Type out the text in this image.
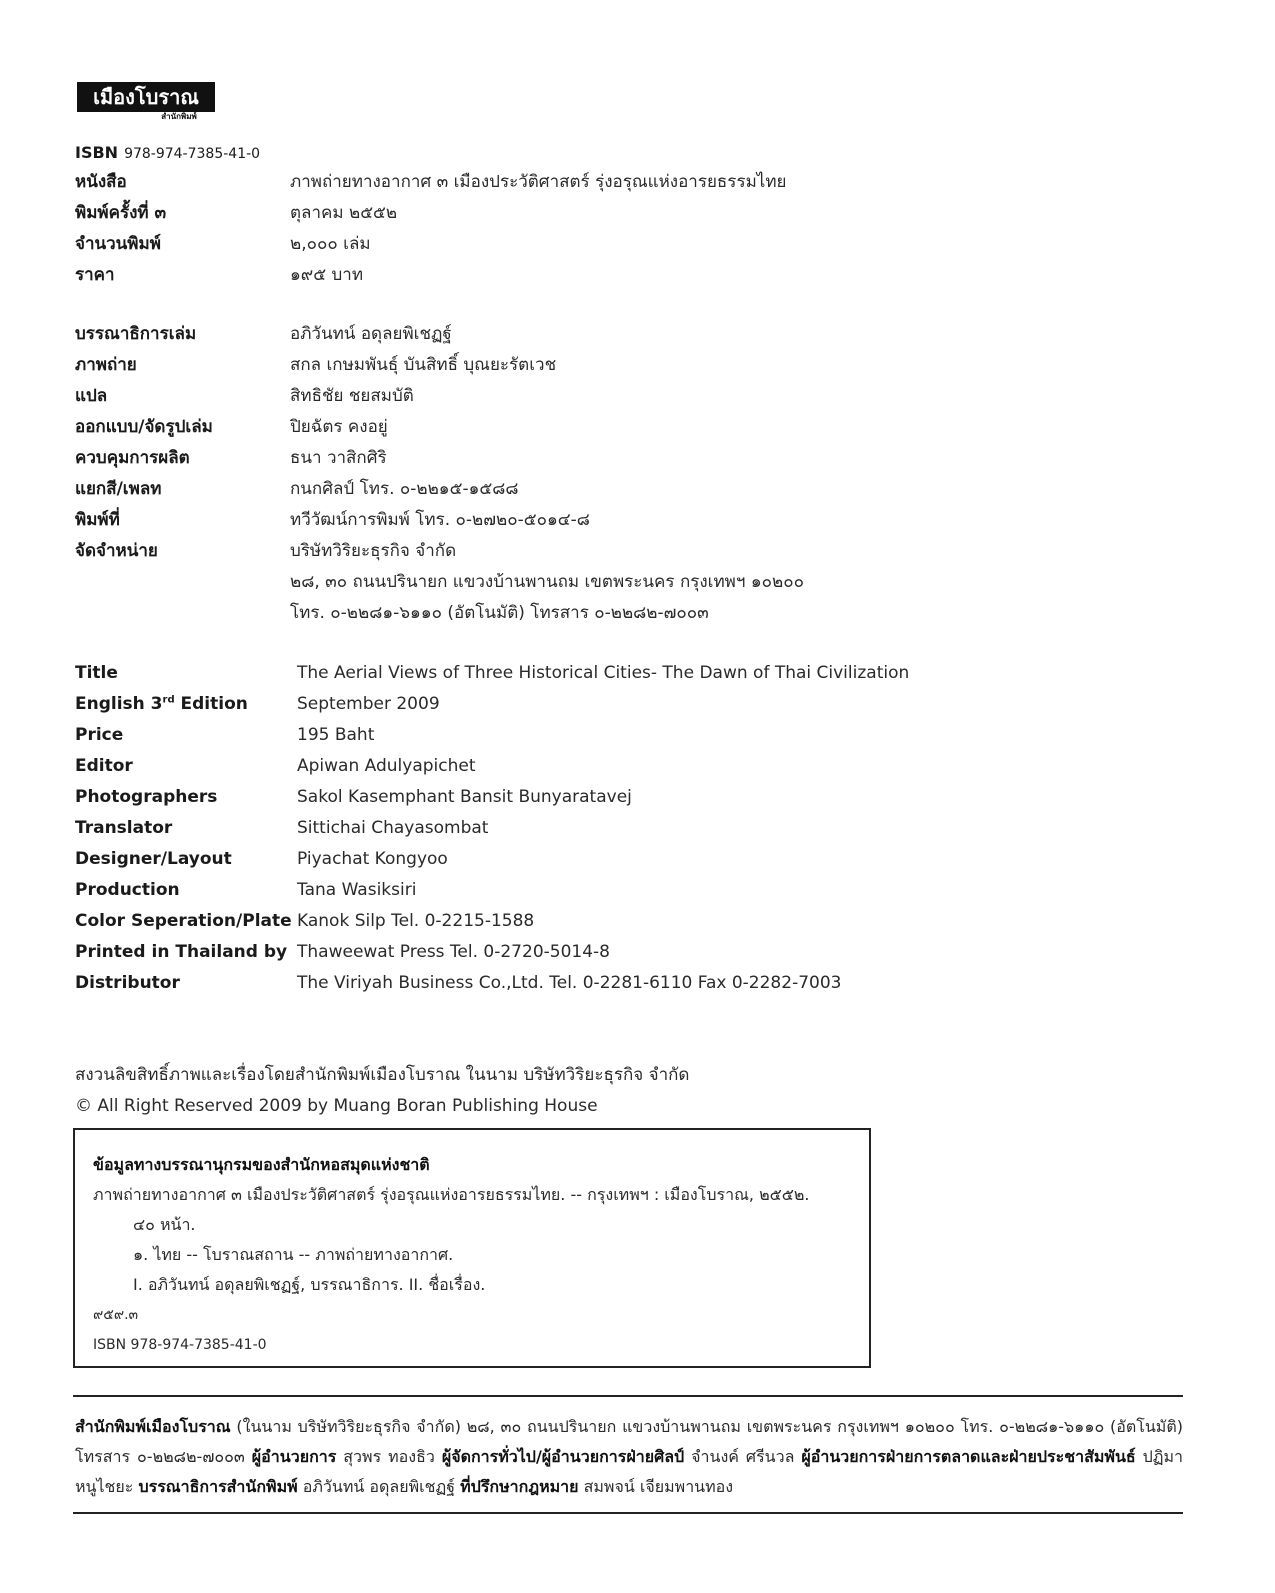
เมืองโบราณ
สำนักพิมพ์
ISBN 978-974-7385-41-0
หนังสือ	ภาพถ่ายทางอากาศ ๓ เมืองประวัติศาสตร์ รุ่งอรุณแห่งอารยธรรมไทย
พิมพ์ครั้งที่ ๓	ตุลาคม ๒๕๕๒
จำนวนพิมพ์	๒,๐๐๐ เล่ม
ราคา	๑๙๕ บาท
บรรณาธิการเล่ม	อภิวันทน์ อดุลยพิเชฏฐ์
ภาพถ่าย	สกล เกษมพันธุ์ บันสิทธิ์ บุณยะรัตเวช
แปล	สิทธิชัย ชยสมบัติ
ออกแบบ/จัดรูปเล่ม	ปิยฉัตร คงอยู่
ควบคุมการผลิต	ธนา วาสิกศิริ
แยกสี/เพลท	กนกศิลป์ โทร. ๐-๒๒๑๕-๑๕๘๘
พิมพ์ที่	ทวีวัฒน์การพิมพ์ โทร. ๐-๒๗๒๐-๕๐๑๔-๘
จัดจำหน่าย	บริษัทวิริยะธุรกิจ จำกัด
๒๘, ๓๐ ถนนปรินายก แขวงบ้านพานถม เขตพระนคร กรุงเทพฯ ๑๐๒๐๐
โทร. ๐-๒๒๘๑-๖๑๑๐ (อัตโนมัติ) โทรสาร ๐-๒๒๘๒-๗๐๐๓
Title	The Aerial Views of Three Historical Cities- The Dawn of Thai Civilization
English 3rd Edition	September 2009
Price	195 Baht
Editor	Apiwan Adulyapichet
Photographers	Sakol Kasemphant Bansit Bunyaratavej
Translator	Sittichai Chayasombat
Designer/Layout	Piyachat Kongyoo
Production	Tana Wasiksiri
Color Seperation/Plate Kanok Silp Tel. 0-2215-1588
Printed in Thailand by Thaweewat Press Tel. 0-2720-5014-8
Distributor	The Viriyah Business Co.,Ltd. Tel. 0-2281-6110 Fax 0-2282-7003
สงวนลิขสิทธิ์ภาพและเรื่องโดยสำนักพิมพ์เมืองโบราณ ในนาม บริษัทวิริยะธุรกิจ จำกัด
© All Right Reserved 2009 by Muang Boran Publishing House
ข้อมูลทางบรรณานุกรมของสำนักหอสมุดแห่งชาติ
ภาพถ่ายทางอากาศ ๓ เมืองประวัติศาสตร์ รุ่งอรุณแห่งอารยธรรมไทย. -- กรุงเทพฯ : เมืองโบราณ, ๒๕๕๒.
๔๐ หน้า.
๑. ไทย -- โบราณสถาน -- ภาพถ่ายทางอากาศ.
I. อภิวันทน์ อดุลยพิเชฏฐ์, บรรณาธิการ. II. ชื่อเรื่อง.
๙๕๙.๓
ISBN 978-974-7385-41-0
สำนักพิมพ์เมืองโบราณ (ในนาม บริษัทวิริยะธุรกิจ จำกัด) ๒๘, ๓๐ ถนนปรินายก แขวงบ้านพานถม เขตพระนคร กรุงเทพฯ ๑๐๒๐๐ โทร. ๐-๒๒๘๑-๖๑๑๐ (อัตโนมัติ) โทรสาร ๐-๒๒๘๒-๗๐๐๓ ผู้อำนวยการ สุวพร ทองธิว ผู้จัดการทั่วไป/ผู้อำนวยการฝ่ายศิลป์ จำนงค์ ศรีนวล ผู้อำนวยการฝ่ายการตลาดและฝ่ายประชาสัมพันธ์ ปฏิมา หนูไชยะ บรรณาธิการสำนักพิมพ์ อภิวันทน์ อดุลยพิเชฏฐ์ ที่ปรึกษากฎหมาย สมพจน์ เจียมพานทอง
